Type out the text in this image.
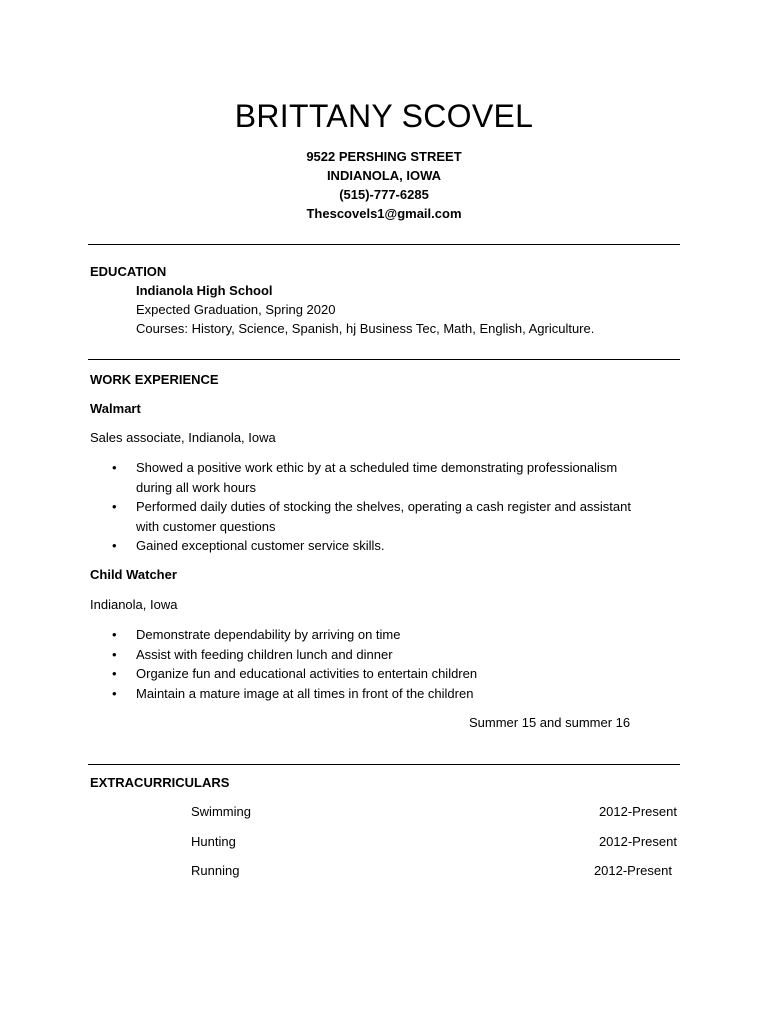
BRITTANY SCOVEL
9522 PERSHING STREET
INDIANOLA, IOWA
(515)-777-6285
Thescovels1@gmail.com
EDUCATION
Indianola High School
Expected Graduation, Spring 2020
Courses: History, Science, Spanish, hj Business Tec, Math, English, Agriculture.
WORK EXPERIENCE
Walmart
Sales associate, Indianola, Iowa
• Showed a positive work ethic by at a scheduled time demonstrating professionalism
during all work hours
• Performed daily duties of stocking the shelves, operating a cash register and assistant
with customer questions
• Gained exceptional customer service skills.
Child Watcher
Indianola, Iowa
• Demonstrate dependability by arriving on time
• Assist with feeding children lunch and dinner
• Organize fun and educational activities to entertain children
• Maintain a mature image at all times in front of the children
Summer 15 and summer 16
EXTRACURRICULARS
Swimming	2012-Present
Hunting	2012-Present
Running	2012-Present
